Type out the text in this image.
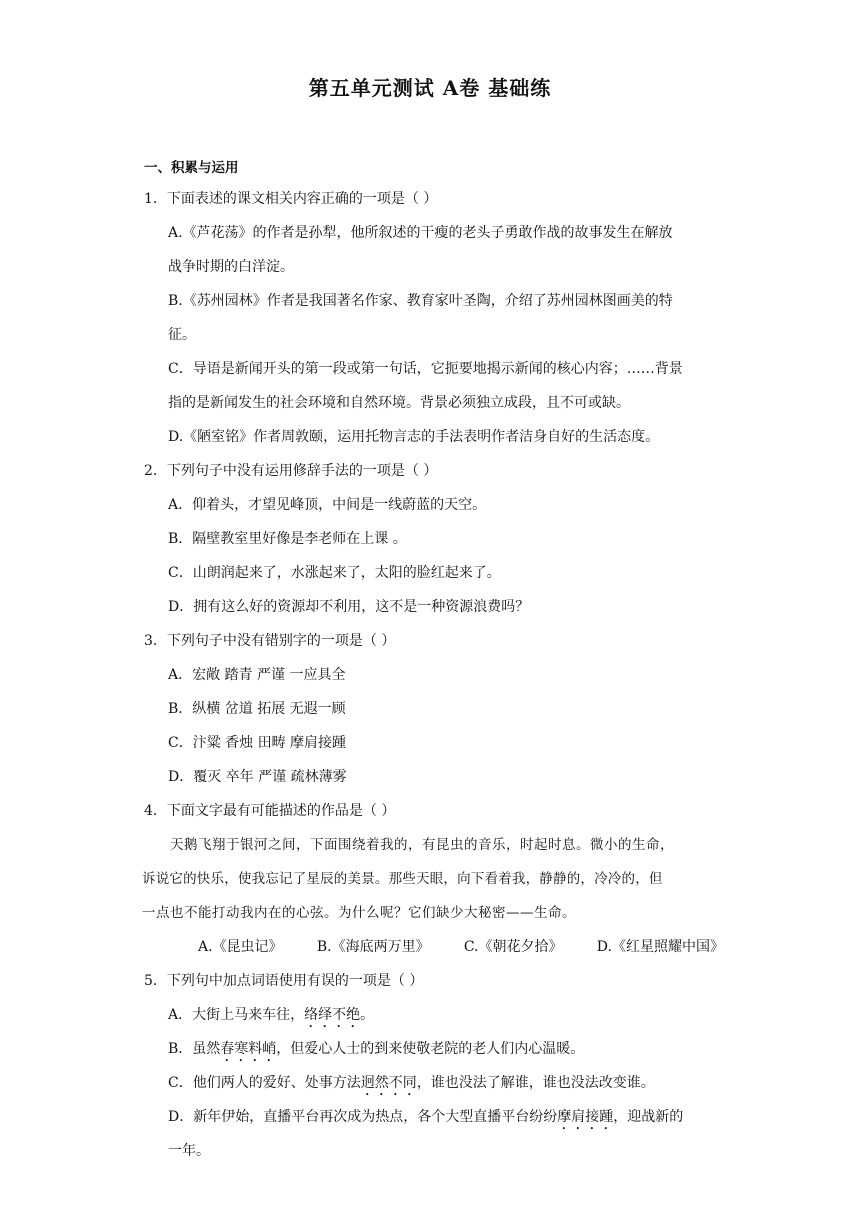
第五单元测试 A卷 基础练
一、积累与运用
1．下面表述的课文相关内容正确的一项是（ ）
A.《芦花荡》的作者是孙犁，他所叙述的干瘦的老头子勇敢作战的故事发生在解放
战争时期的白洋淀。
B.《苏州园林》作者是我国著名作家、教育家叶圣陶，介绍了苏州园林图画美的特
征。
C．导语是新闻开头的第一段或第一句话，它扼要地揭示新闻的核心内容；……背景
指的是新闻发生的社会环境和自然环境。背景必须独立成段，且不可或缺。
D.《陋室铭》作者周敦颐，运用托物言志的手法表明作者洁身自好的生活态度。
2．下列句子中没有运用修辞手法的一项是（ ）
A．仰着头，才望见峰顶，中间是一线蔚蓝的天空。
B．隔壁教室里好像是李老师在上课 。
C．山朗润起来了，水涨起来了，太阳的脸红起来了。
D．拥有这么好的资源却不利用，这不是一种资源浪费吗？
3．下列句子中没有错别字的一项是（ ）
A．宏敞 踏青 严谨 一应具全
B．纵横 岔道 拓展 无遐一顾
C．汴粱 香烛 田畴 摩肩接踵
D．覆灭 卒年 严谨 疏林薄雾
4．下面文字最有可能描述的作品是（ ）
天鹅飞翔于银河之间，下面围绕着我的，有昆虫的音乐，时起时息。微小的生命，
诉说它的快乐，使我忘记了星辰的美景。那些天眼，向下看着我，静静的，冷冷的，但
一点也不能打动我内在的心弦。为什么呢？它们缺少大秘密——生命。
A.《昆虫记》 B.《海底两万里》 C.《朝花夕拾》 D.《红星照耀中国》
5．下列句中加点词语使用有误的一项是（ ）
A．大街上马来车往，络绎不绝。
B．虽然春寒料峭，但爱心人士的到来使敬老院的老人们内心温暖。
C．他们两人的爱好、处事方法迥然不同，谁也没法了解谁，谁也没法改变谁。
D．新年伊始，直播平台再次成为热点，各个大型直播平台纷纷摩肩接踵，迎战新的
一年。
